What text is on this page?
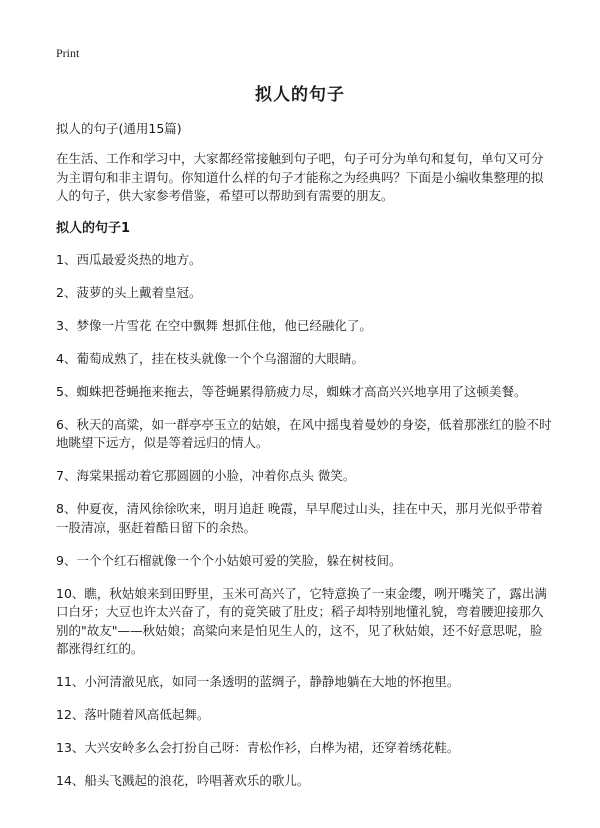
Print
拟人的句子

拟人的句子(通用15篇)

在生活、工作和学习中，大家都经常接触到句子吧，句子可分为单句和复句，单句又可分为主谓句和非主谓句。你知道什么样的句子才能称之为经典吗？下面是小编收集整理的拟人的句子，供大家参考借鉴，希望可以帮助到有需要的朋友。

拟人的句子1
1、西瓜最爱炎热的地方。
2、菠萝的头上戴着皇冠。
3、梦像一片雪花 在空中飘舞 想抓住他，他已经融化了。
4、葡萄成熟了，挂在枝头就像一个个乌溜溜的大眼睛。
5、蜘蛛把苍蝇拖来拖去，等苍蝇累得筋疲力尽，蜘蛛才高高兴兴地享用了这顿美餐。
6、秋天的高粱，如一群亭亭玉立的姑娘，在风中摇曳着曼妙的身姿，低着那涨红的脸不时地眺望下远方，似是等着远归的情人。
7、海棠果摇动着它那圆圆的小脸，冲着你点头 微笑。
8、仲夏夜，清风徐徐吹来，明月追赶 晚霞，早早爬过山头，挂在中天，那月光似乎带着一股清凉，驱赶着酷日留下的余热。
9、一个个红石榴就像一个个小姑娘可爱的笑脸，躲在树枝间。
10、瞧，秋姑娘来到田野里，玉米可高兴了，它特意换了一束金缨，咧开嘴笑了，露出满口白牙；大豆也许太兴奋了，有的竟笑破了肚皮；稻子却特别地懂礼貌，弯着腰迎接那久别的"故友"——秋姑娘；高粱向来是怕见生人的，这不，见了秋姑娘，还不好意思呢，脸都涨得红红的。
11、小河清澈见底，如同一条透明的蓝绸子，静静地躺在大地的怀抱里。
12、落叶随着风高低起舞。
13、大兴安岭多么会打扮自己呀：青松作衫，白桦为裙，还穿着绣花鞋。
14、船头飞溅起的浪花，吟唱著欢乐的歌儿。
